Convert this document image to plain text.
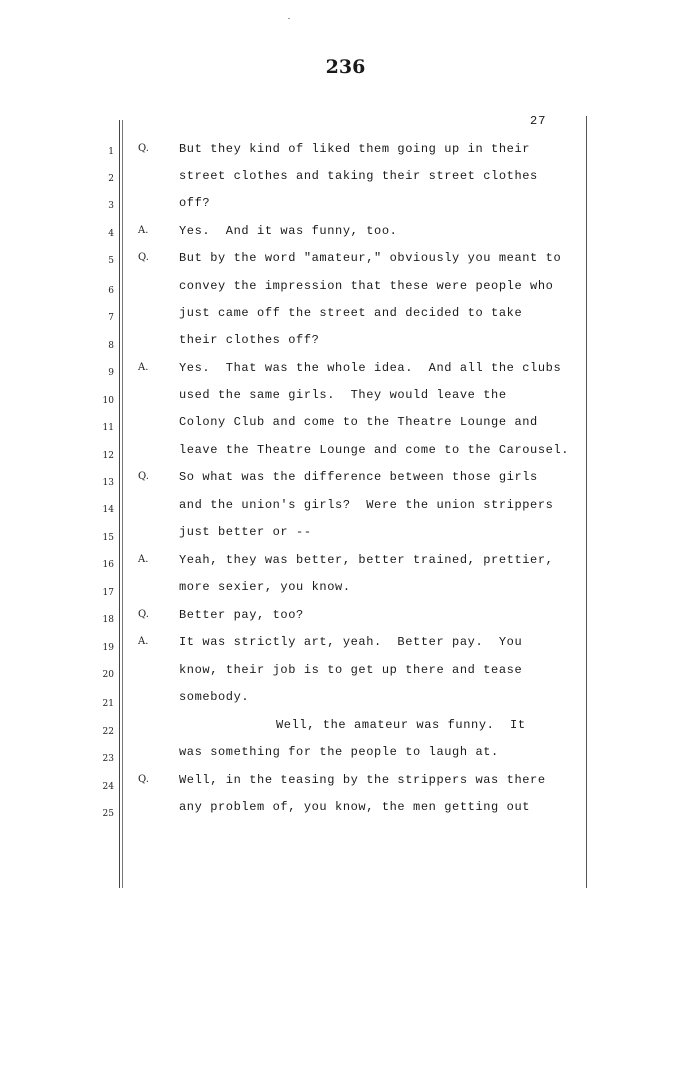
236
27
1
2
3
4
5
6
7
8
9
10
11
12
13
14
15
16
17
18
19
20
21
22
23
24
25
Q.	But they kind of liked them going up in their
street clothes and taking their street clothes
off?
A.	Yes.  And it was funny, too.
Q.	But by the word "amateur," obviously you meant to
convey the impression that these were people who
just came off the street and decided to take
their clothes off?
A.	Yes.  That was the whole idea.  And all the clubs
used the same girls.  They would leave the
Colony Club and come to the Theatre Lounge and
leave the Theatre Lounge and come to the Carousel.
Q.	So what was the difference between those girls
and the union's girls?  Were the union strippers
just better or --
A.	Yeah, they was better, better trained, prettier,
more sexier, you know.
Q.	Better pay, too?
A.	It was strictly art, yeah.  Better pay.  You
know, their job is to get up there and tease
somebody.
Well, the amateur was funny.  It
was something for the people to laugh at.
Q.	Well, in the teasing by the strippers was there
any problem of, you know, the men getting out
